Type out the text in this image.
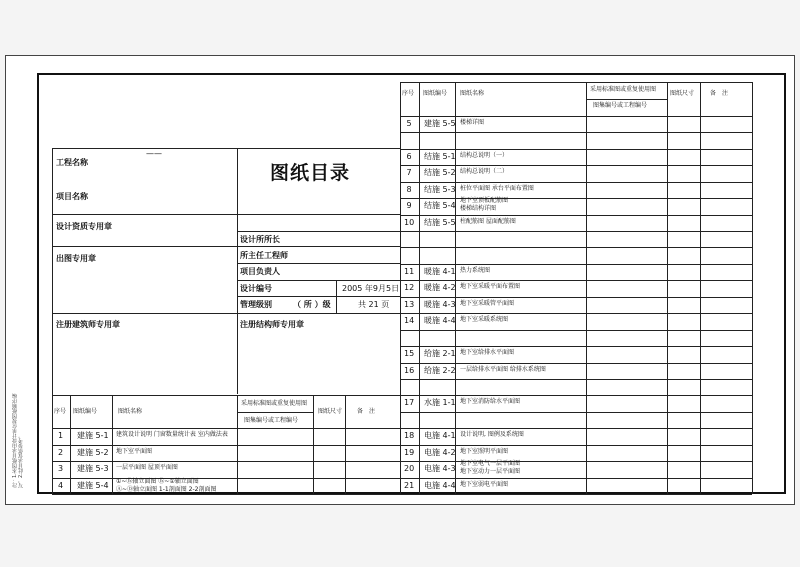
注：1.本图纸目录由设计单位按图纸顺序编写，2.此目录仅供参考。
序号 图纸编号 图纸名称
采用标准图或重复使用图
图集编号或工程编号
图纸尺寸	备　注
5 建施 5-5 楼梯详图
6 结施 5-1 结构总说明（一）
7 结施 5-2 结构总说明（二）
8 结施 5-3 桩位平面图 承台平面布置图
9 结施 5-4
地下室顶板配筋图
楼梯结构详图
10 结施 5-5 柱配筋图 屋面配筋图
11 暖施 4-1 热力系统图
12 暖施 4-2 地下室采暖平面布置图
13 暖施 4-3 地下室采暖管平面图
14 暖施 4-4 地下室采暖系统图
15 给施 2-1 地下室给排水平面图
16 给施 2-2 一层给排水平面图 给排水系统图
17 水施 1-1 地下室消防给水平面图
18 电施 4-1 设计说明, 图例及系统图
19 电施 4-2 地下室照明平面图
20 电施 4-3
地下室电气一层平面图
地下室动力一层平面图
21 电施 4-4 地下室弱电平面图
工程名称
——
项目名称
设计资质专用章
出图专用章
注册建筑师专用章	注册结构师专用章
图纸目录
设计所所长
所主任工程师
项目负责人
设计编号	2005 年9月5日
管理级别	（ 所 ）级	共 21 页
序号 图纸编号	图纸名称
采用标准图或重复使用图
图集编号或工程编号
图纸尺寸 备　注
1 建施 5-1 建筑设计说明 门窗数量统计表 室内做法表
2 建施 5-2 地下室平面图
3 建施 5-3 一层平面图 屋顶平面图
4 建施 5-4 ①~⑮轴立面图 ⑮~①轴立面图
Ⓐ~Ⓓ轴立面图 1-1剖面图 2-2剖面图
